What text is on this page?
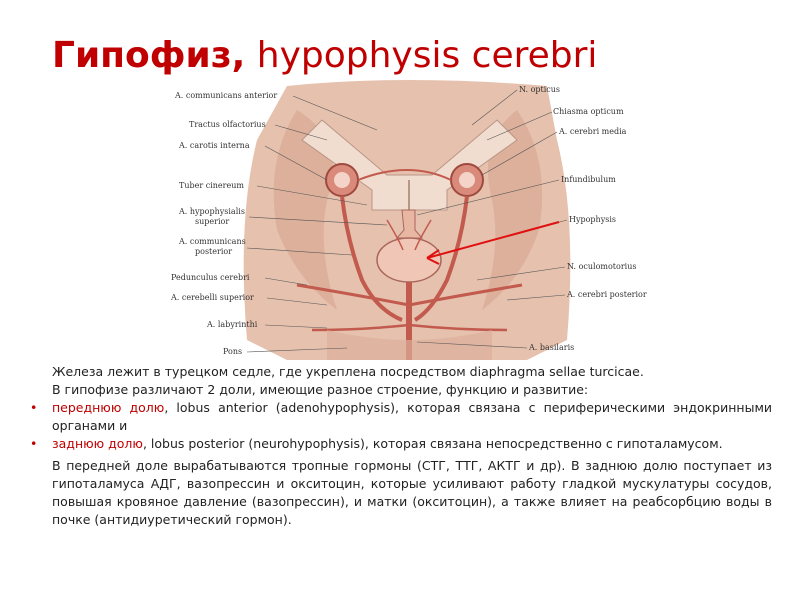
Гипофиз, hypophysis cerebri
A. communicans anterior
Tractus olfactorius
A. carotis interna
Tuber cinereum
A. hypophysialis
superior
A. communicans
posterior
Pedunculus cerebri
A. cerebelli superior
A. labyrinthi
Pons
N. opticus
Chiasma opticum
A. cerebri media
Infundibulum
Hypophysis
N. oculomotorius
A. cerebri posterior
A. basilaris

Железа лежит в турецком седле, где укреплена посредством diaphragma sellae turcicae.

В гипофизе различают 2 доли, имеющие разное строение, функцию и развитие:

• переднюю долю, lobus anterior (adenohypophysis), которая связана с периферическими эндокринными органами и

• заднюю долю, lobus posterior (neurohypophysis), которая связана непосредственно с гипоталамусом.

В передней доле вырабатываются тропные гормоны (СТГ, ТТГ, АКТГ и др). В заднюю долю поступает из гипоталамуса АДГ, вазопрессин и окситоцин, которые усиливают работу гладкой мускулатуры сосудов, повышая кровяное давление (вазопрессин), и матки (окситоцин), а также влияет на реабсорбцию воды в почке (антидиуретический гормон).
